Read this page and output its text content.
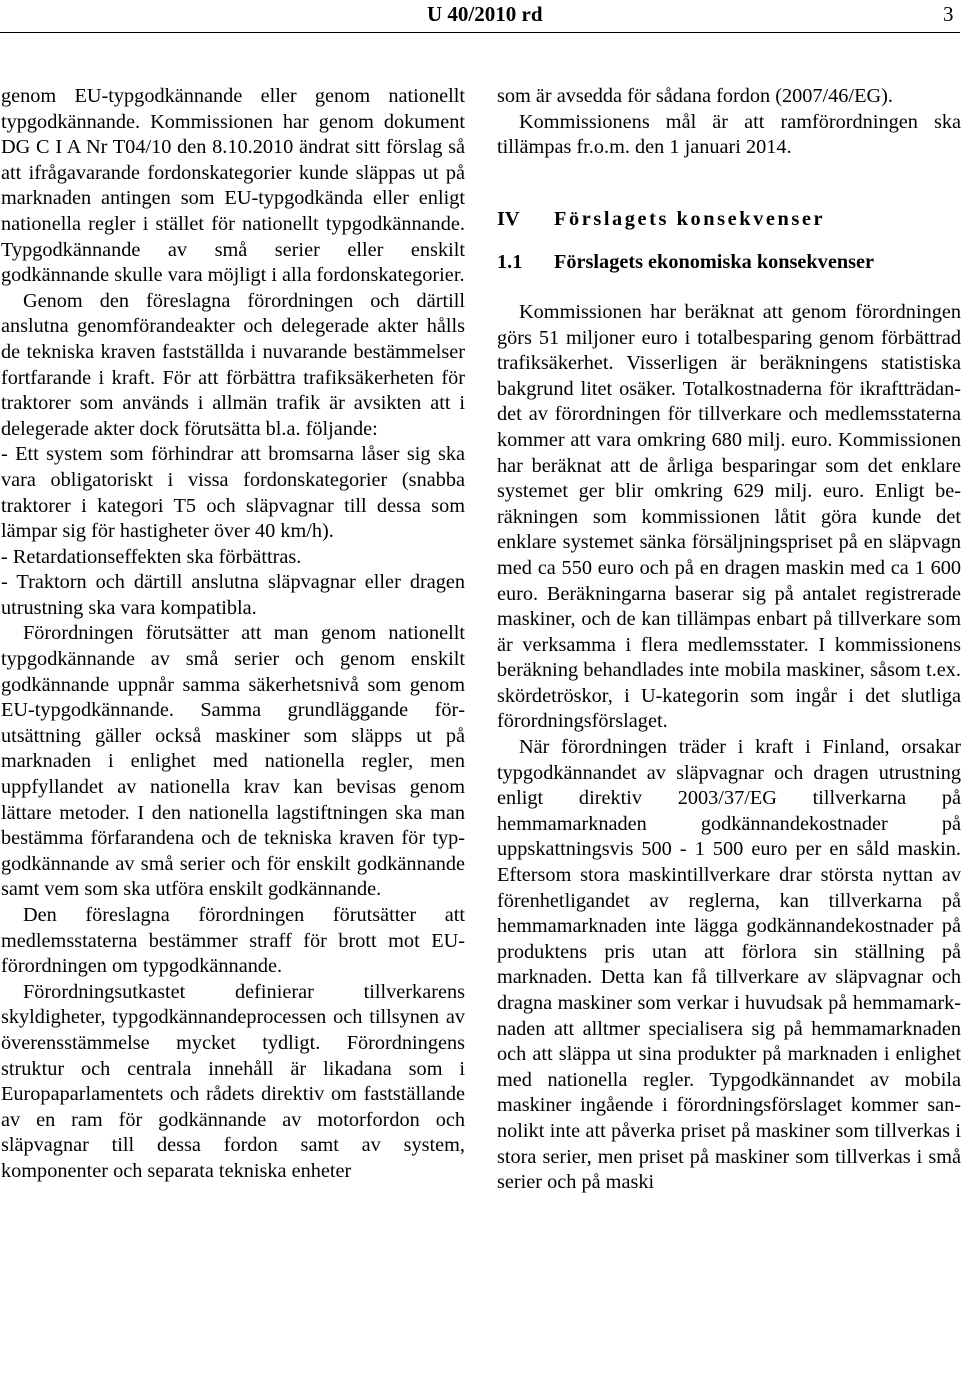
U 40/2010 rd	3

genom EU-typgodkännande eller genom nationellt typgodkännande. Kommissionen har genom dokument DG C I A Nr T04/10 den 8.10.2010 ändrat sitt förslag så att ifrågavarande fordonskategorier kunde släppas ut på marknaden antingen som EU-typgodkända eller enligt nationella regler i stället för nationellt typgodkännande. Typgodkännande av små serier eller enskilt godkännande skulle vara möjligt i alla fordonskategorier.

Genom den föreslagna förordningen och därtill anslutna genomförandeakter och delegerade akter hålls de tekniska kraven fastställda i nuvarande bestämmelser fortfarande i kraft. För att förbättra trafiksäkerheten för traktorer som används i allmän trafik är avsikten att i delegerade akter dock förutsätta bl.a. följande:

- Ett system som förhindrar att bromsarna låser sig ska vara obligatoriskt i vissa fordonskategorier (snabba traktorer i kategori T5 och släpvagnar till dessa som lämpar sig för hastigheter över 40 km/h).

- Retardationseffekten ska förbättras.

- Traktorn och därtill anslutna släpvagnar eller dragen utrustning ska vara kompatibla.

Förordningen förutsätter att man genom nationellt typgodkännande av små serier och genom enskilt godkännande uppnår samma säkerhetsnivå som genom EU-typgodkännande. Samma grundläggande förutsättning gäller också maskiner som släpps ut på marknaden i enlighet med nationella regler, men uppfyllandet av nationella krav kan bevisas genom lättare metoder. I den nationella lagstiftningen ska man bestämma förfarandena och de tekniska kraven för typgodkännande av små serier och för enskilt godkännande samt vem som ska utföra enskilt godkännande.

Den föreslagna förordningen förutsätter att medlemsstaterna bestämmer straff för brott mot EU- förordningen om typgodkännande.

Förordningsutkastet definierar tillverkarens skyldigheter, typgodkännandeprocessen och tillsynen av överensstämmelse mycket tydligt. Förordningens struktur och centrala innehåll är likadana som i Europaparlamentets och rådets direktiv om fastställande av en ram för godkännande av motorfordon och släpvagnar till dessa fordon samt av system, komponenter och separata tekniska enheter

som är avsedda för sådana fordon (2007/46/EG).

Kommissionens mål är att ramförordningen ska tillämpas fr.o.m. den 1 januari 2014.

IV	Förslagets konsekvenser
1.1	Förslagets ekonomiska konsekvenser

Kommissionen har beräknat att genom förordningen görs 51 miljoner euro i totalbesparing genom förbättrad trafiksäkerhet. Visserligen är beräkningens statistiska bakgrund litet osäker. Totalkostnaderna för ikraftträdandet av förordningen för tillverkare och medlemsstaterna kommer att vara omkring 680 milj. euro. Kommissionen har beräknat att de årliga besparingar som det enklare systemet ger blir omkring 629 milj. euro. Enligt beräkningen som kommissionen låtit göra kunde det enklare systemet sänka försäljningspriset på en släpvagn med ca 550 euro och på en dragen maskin med ca 1 600 euro. Beräkningarna baserar sig på antalet registrerade maskiner, och de kan tillämpas enbart på tillverkare som är verksamma i flera medlemsstater. I kommissionens beräkning behandlades inte mobila maskiner, såsom t.ex. skördetröskor, i U-kategorin som ingår i det slutliga förordningsförslaget.

När förordningen träder i kraft i Finland, orsakar typgodkännandet av släpvagnar och dragen utrustning enligt direktiv 2003/37/EG tillverkarna på hemmamarknaden godkännandekostnader på uppskattningsvis 500 - 1 500 euro per en såld maskin. Eftersom stora maskintillverkare drar största nyttan av förenhetligandet av reglerna, kan tillverkarna på hemmamarknaden inte lägga godkännandekostnader på produktens pris utan att förlora sin ställning på marknaden. Detta kan få tillverkare av släpvagnar och dragna maskiner som verkar i huvudsak på hemmamarknaden att alltmer specialisera sig på hemmamarknaden och att släppa ut sina produkter på marknaden i enlighet med nationella regler. Typgodkännandet av mobila maskiner ingående i förordningsförslaget kommer sannolikt inte att påverka priset på maskiner som tillverkas i stora serier, men priset på maskiner som tillverkas i små serier och på maski
